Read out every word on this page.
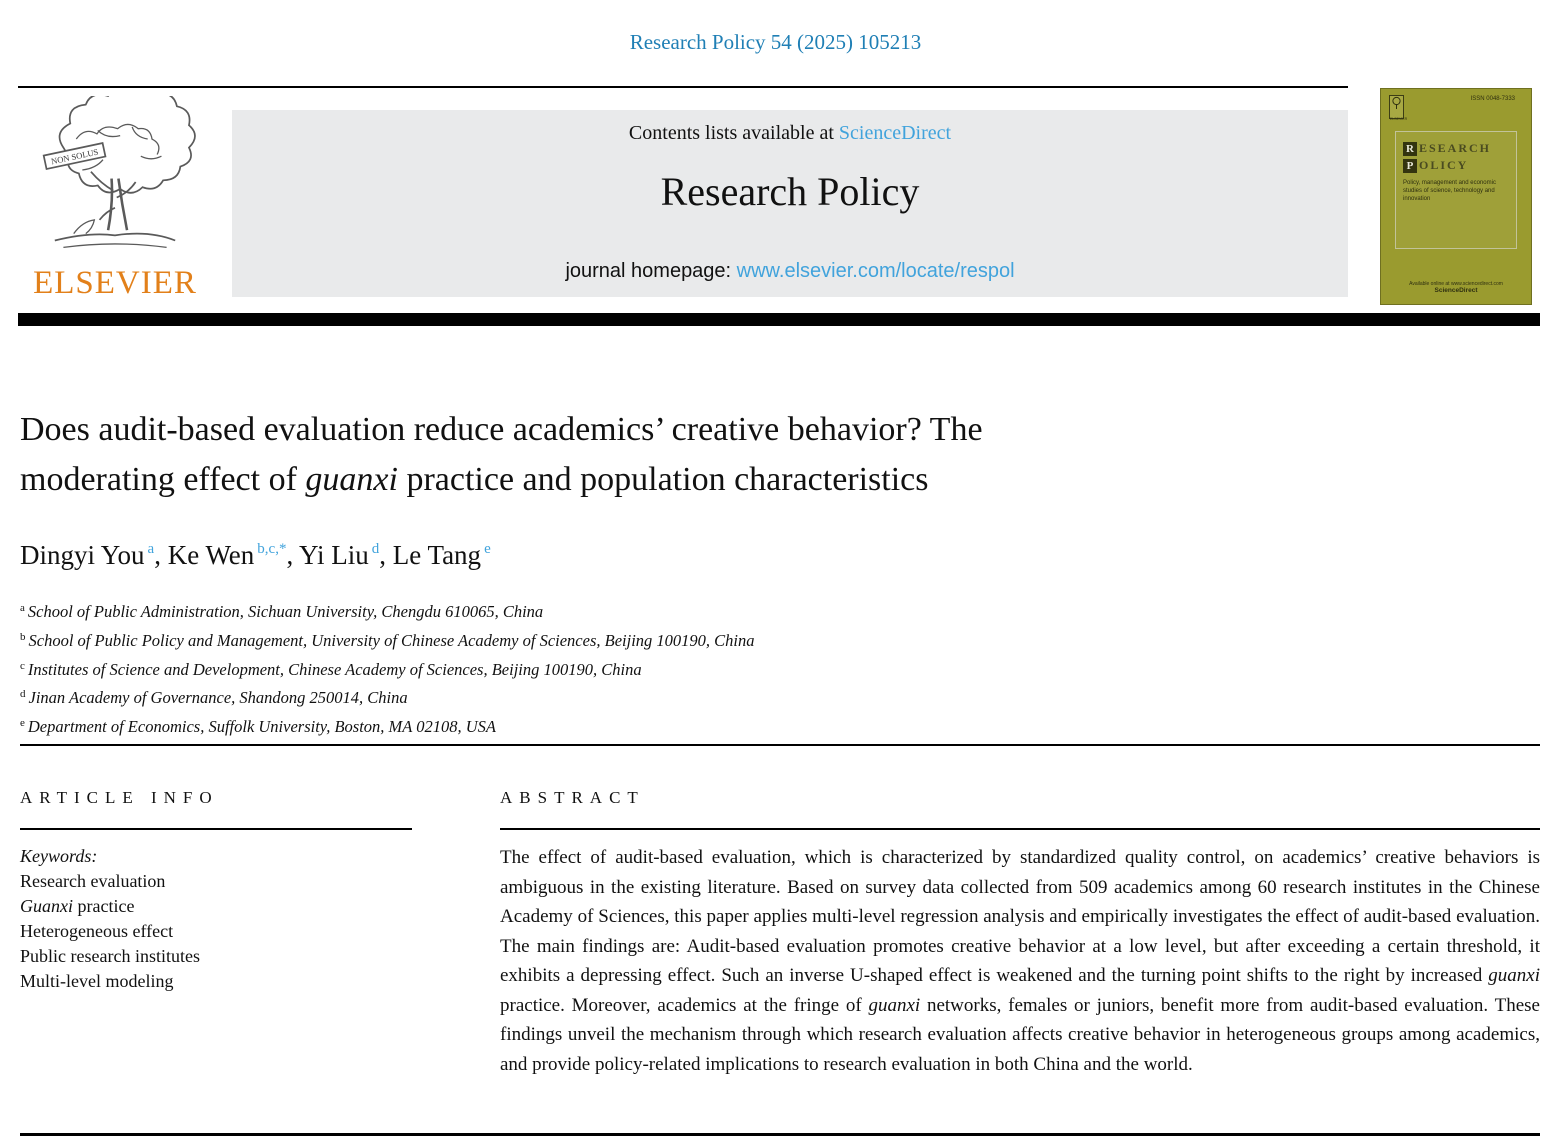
Research Policy 54 (2025) 105213
NON SOLUS
ELSEVIER
Contents lists available at ScienceDirect
Research Policy
journal homepage: www.elsevier.com/locate/respol
ELSEVIER
ISSN 0048-7333
R ESEARCH
P OLICY
Policy, management and economic studies of science, technology and innovation
Available online at www.sciencedirect.com
ScienceDirect
Does audit-based evaluation reduce academics’ creative behavior? The
moderating effect of guanxi practice and population characteristics
Dingyi You $^a$, Ke Wen $^{b,c,*}$, Yi Liu $^d$, Le Tang $^e$
$^a$ School of Public Administration, Sichuan University, Chengdu 610065, China
$^b$ School of Public Policy and Management, University of Chinese Academy of Sciences, Beijing 100190, China
$^c$ Institutes of Science and Development, Chinese Academy of Sciences, Beijing 100190, China
$^d$ Jinan Academy of Governance, Shandong 250014, China
$^e$ Department of Economics, Suffolk University, Boston, MA 02108, USA
ARTICLE INFO
Keywords:
Research evaluation
Guanxi practice
Heterogeneous effect
Public research institutes
Multi-level modeling
ABSTRACT
The effect of audit-based evaluation, which is characterized by standardized quality control, on academics’ creative behaviors is ambiguous in the existing literature. Based on survey data collected from 509 academics among 60 research institutes in the Chinese Academy of Sciences, this paper applies multi-level regression analysis and empirically investigates the effect of audit-based evaluation. The main findings are: Audit-based evaluation promotes creative behavior at a low level, but after exceeding a certain threshold, it exhibits a depressing effect. Such an inverse U-shaped effect is weakened and the turning point shifts to the right by increased guanxi practice. Moreover, academics at the fringe of guanxi networks, females or juniors, benefit more from audit-based evaluation. These findings unveil the mechanism through which research evaluation affects creative behavior in heterogeneous groups among academics, and provide policy-related implications to research evaluation in both China and the world.
